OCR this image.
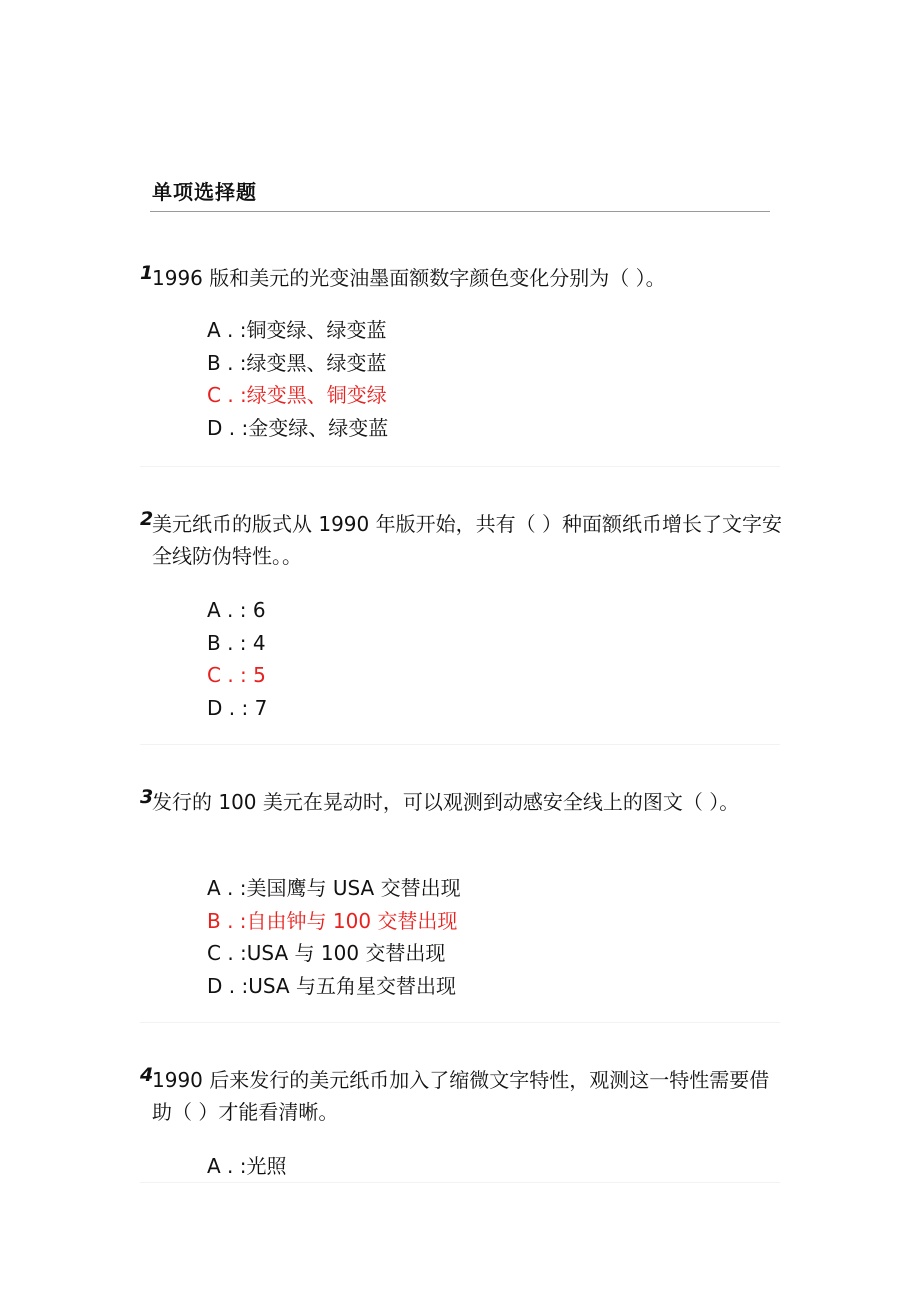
单项选择题
1
1996 版和美元的光变油墨面额数字颜色变化分别为（ ）。
A . :铜变绿、绿变蓝
B . :绿变黑、绿变蓝
C . :绿变黑、铜变绿
D . :金变绿、绿变蓝
2
美元纸币的版式从 1990 年版开始，共有（ ）种面额纸币增长了文字安全线防伪特性。。
A . : 6
B . : 4
C . : 5
D . : 7
3
发行的 100 美元在晃动时，可以观测到动感安全线上的图文（ ）。
A . :美国鹰与 USA 交替出现
B . :自由钟与 100 交替出现
C . :USA 与 100 交替出现
D . :USA 与五角星交替出现
4
1990 后来发行的美元纸币加入了缩微文字特性，观测这一特性需要借助（ ）才能看清晰。
A . :光照
